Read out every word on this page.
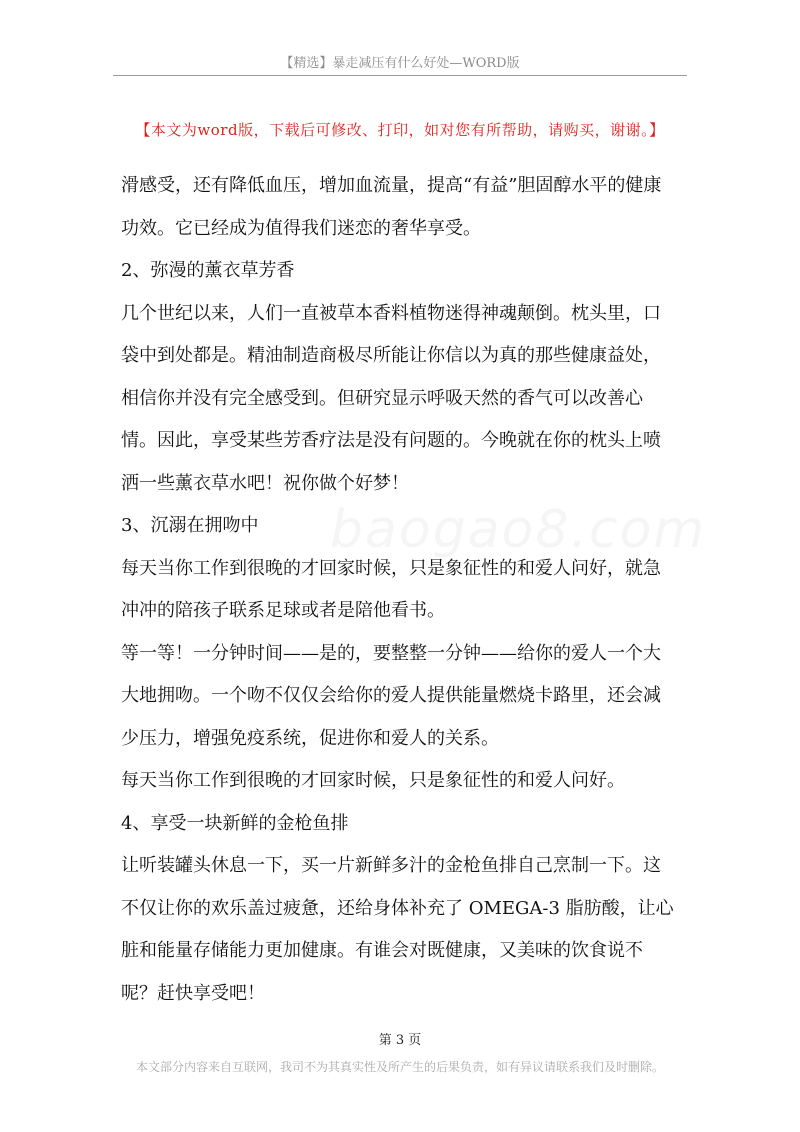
【精选】暴走减压有什么好处—WORD版
【本文为word版，下载后可修改、打印，如对您有所帮助，请购买，谢谢。】
baogao8.com
滑感受，还有降低血压，增加血流量，提高“有益”胆固醇水平的健康
功效。它已经成为值得我们迷恋的奢华享受。
2、弥漫的薰衣草芳香
几个世纪以来，人们一直被草本香料植物迷得神魂颠倒。枕头里，口
袋中到处都是。精油制造商极尽所能让你信以为真的那些健康益处，
相信你并没有完全感受到。但研究显示呼吸天然的香气可以改善心
情。因此，享受某些芳香疗法是没有问题的。今晚就在你的枕头上喷
洒一些薰衣草水吧！祝你做个好梦！
3、沉溺在拥吻中
每天当你工作到很晚的才回家时候，只是象征性的和爱人问好，就急
冲冲的陪孩子联系足球或者是陪他看书。
等一等！一分钟时间——是的，要整整一分钟——给你的爱人一个大
大地拥吻。一个吻不仅仅会给你的爱人提供能量燃烧卡路里，还会减
少压力，增强免疫系统，促进你和爱人的关系。
每天当你工作到很晚的才回家时候，只是象征性的和爱人问好。
4、享受一块新鲜的金枪鱼排
让听装罐头休息一下，买一片新鲜多汁的金枪鱼排自己烹制一下。这
不仅让你的欢乐盖过疲惫，还给身体补充了 OMEGA-3 脂肪酸，让心
脏和能量存储能力更加健康。有谁会对既健康，又美味的饮食说不
呢？赶快享受吧！
第 3 页
本文部分内容来自互联网，我司不为其真实性及所产生的后果负责，如有异议请联系我们及时删除。
